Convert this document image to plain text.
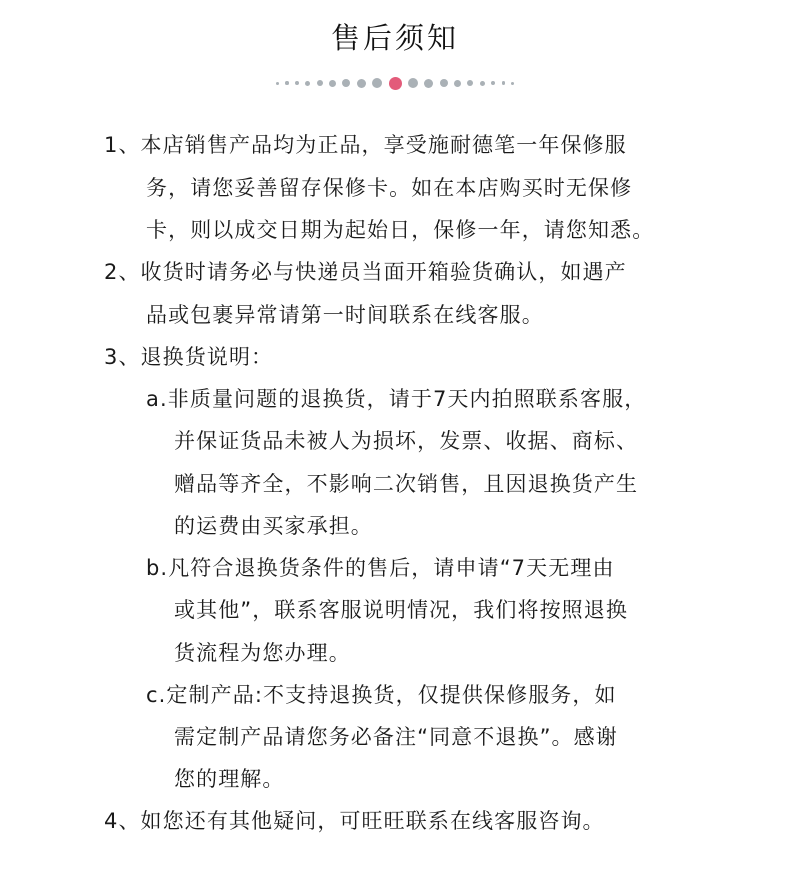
售后须知
1、本店销售产品均为正品，享受施耐德笔一年保修服
务，请您妥善留存保修卡。如在本店购买时无保修
卡，则以成交日期为起始日，保修一年，请您知悉。
2、收货时请务必与快递员当面开箱验货确认，如遇产
品或包裹异常请第一时间联系在线客服。
3、退换货说明：
a.非质量问题的退换货，请于7天内拍照联系客服，
并保证货品未被人为损坏，发票、收据、商标、
赠品等齐全，不影响二次销售，且因退换货产生
的运费由买家承担。
b.凡符合退换货条件的售后，请申请“7天无理由
或其他”，联系客服说明情况，我们将按照退换
货流程为您办理。
c.定制产品:不支持退换货，仅提供保修服务，如
需定制产品请您务必备注“同意不退换”。感谢
您的理解。
4、如您还有其他疑问，可旺旺联系在线客服咨询。
